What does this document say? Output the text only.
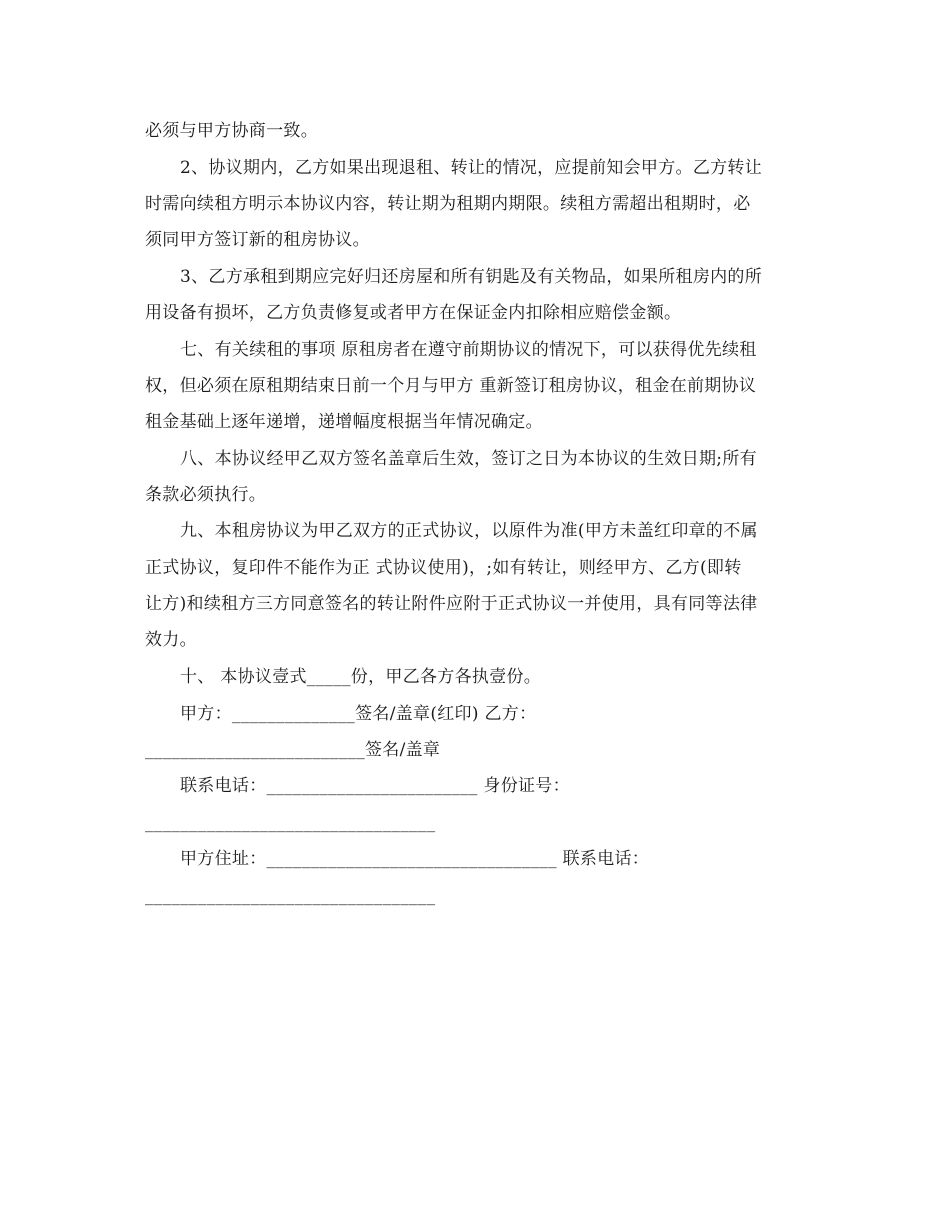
必须与甲方协商一致。
2、协议期内，乙方如果出现退租、转让的情况，应提前知会甲方。乙方转让
时需向续租方明示本协议内容，转让期为租期内期限。续租方需超出租期时，必
须同甲方签订新的租房协议。
3、乙方承租到期应完好归还房屋和所有钥匙及有关物品，如果所租房内的所
用设备有损坏，乙方负责修复或者甲方在保证金内扣除相应赔偿金额。
七、有关续租的事项 原租房者在遵守前期协议的情况下，可以获得优先续租
权，但必须在原租期结束日前一个月与甲方 重新签订租房协议，租金在前期协议
租金基础上逐年递增，递增幅度根据当年情况确定。
八、本协议经甲乙双方签名盖章后生效，签订之日为本协议的生效日期;所有
条款必须执行。
九、本租房协议为甲乙双方的正式协议，以原件为准(甲方未盖红印章的不属
正式协议，复印件不能作为正 式协议使用)，;如有转让，则经甲方、乙方(即转
让方)和续租方三方同意签名的转让附件应附于正式协议一并使用，具有同等法律
效力。
十、 本协议壹式_____份，甲乙各方各执壹份。
甲方：______________签名/盖章(红印) 乙方：
_________________________签名/盖章
联系电话：________________________ 身份证号：
_________________________________
甲方住址：_________________________________ 联系电话：
_________________________________
